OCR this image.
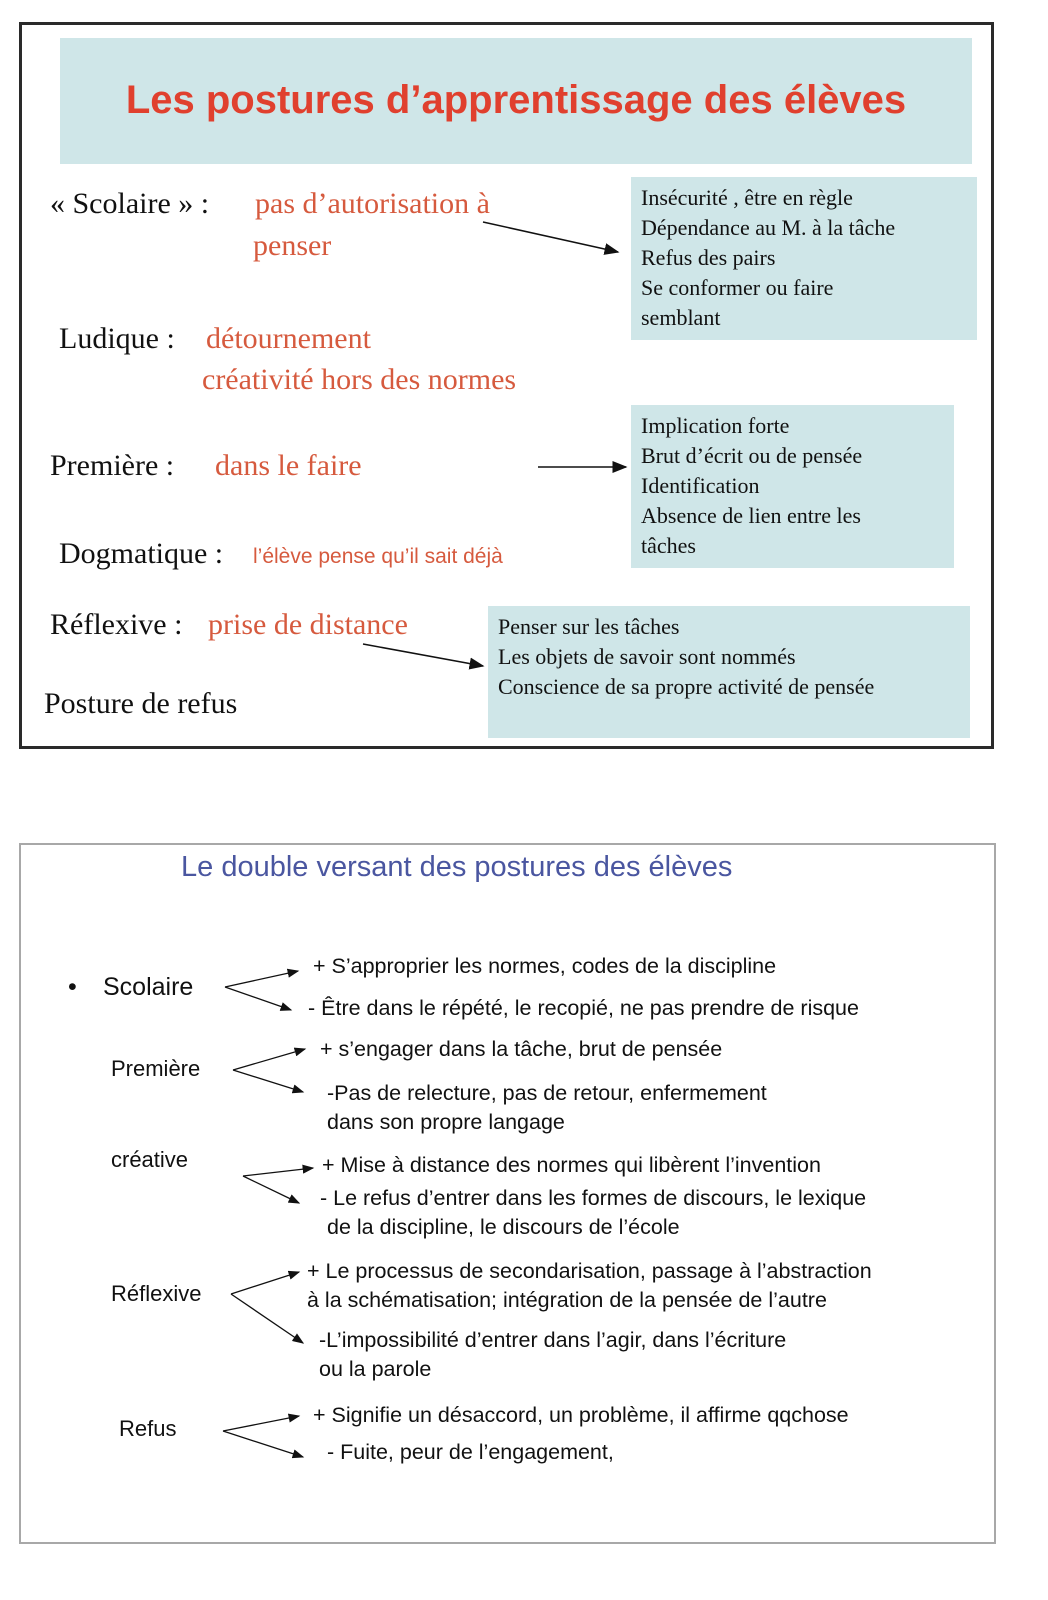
Les postures d’apprentissage des élèves
« Scolaire » : pas d’autorisation à
penser
Ludique : détournement
créativité hors des normes
Première : dans le faire
Dogmatique : l’élève pense qu’il sait déjà
Réflexive : prise de distance
Posture de refus
Insécurité , être en règle
Dépendance au M. à la tâche
Refus des pairs
Se conformer ou faire
semblant
Implication forte
Brut d’écrit ou de pensée
Identification
Absence de lien entre les
tâches
Penser sur les tâches
Les objets de savoir sont nommés
Conscience de sa propre activité de pensée
Le double versant des postures des élèves
• Scolaire
+ S’approprier les normes, codes de la discipline
- Être dans le répété, le recopié, ne pas prendre de risque
Première
+ s’engager dans la tâche, brut de pensée
-Pas de relecture, pas de retour, enfermement
dans son propre langage
créative	+ Mise à distance des normes qui libèrent l’invention
- Le refus d’entrer dans les formes de discours, le lexique
de la discipline, le discours de l’école
Réflexive
+ Le processus de secondarisation, passage à l’abstraction
à la schématisation; intégration de la pensée de l’autre
-L’impossibilité d’entrer dans l’agir, dans l’écriture
ou la parole
Refus
+ Signifie un désaccord, un problème, il affirme qqchose
- Fuite, peur de l’engagement,
